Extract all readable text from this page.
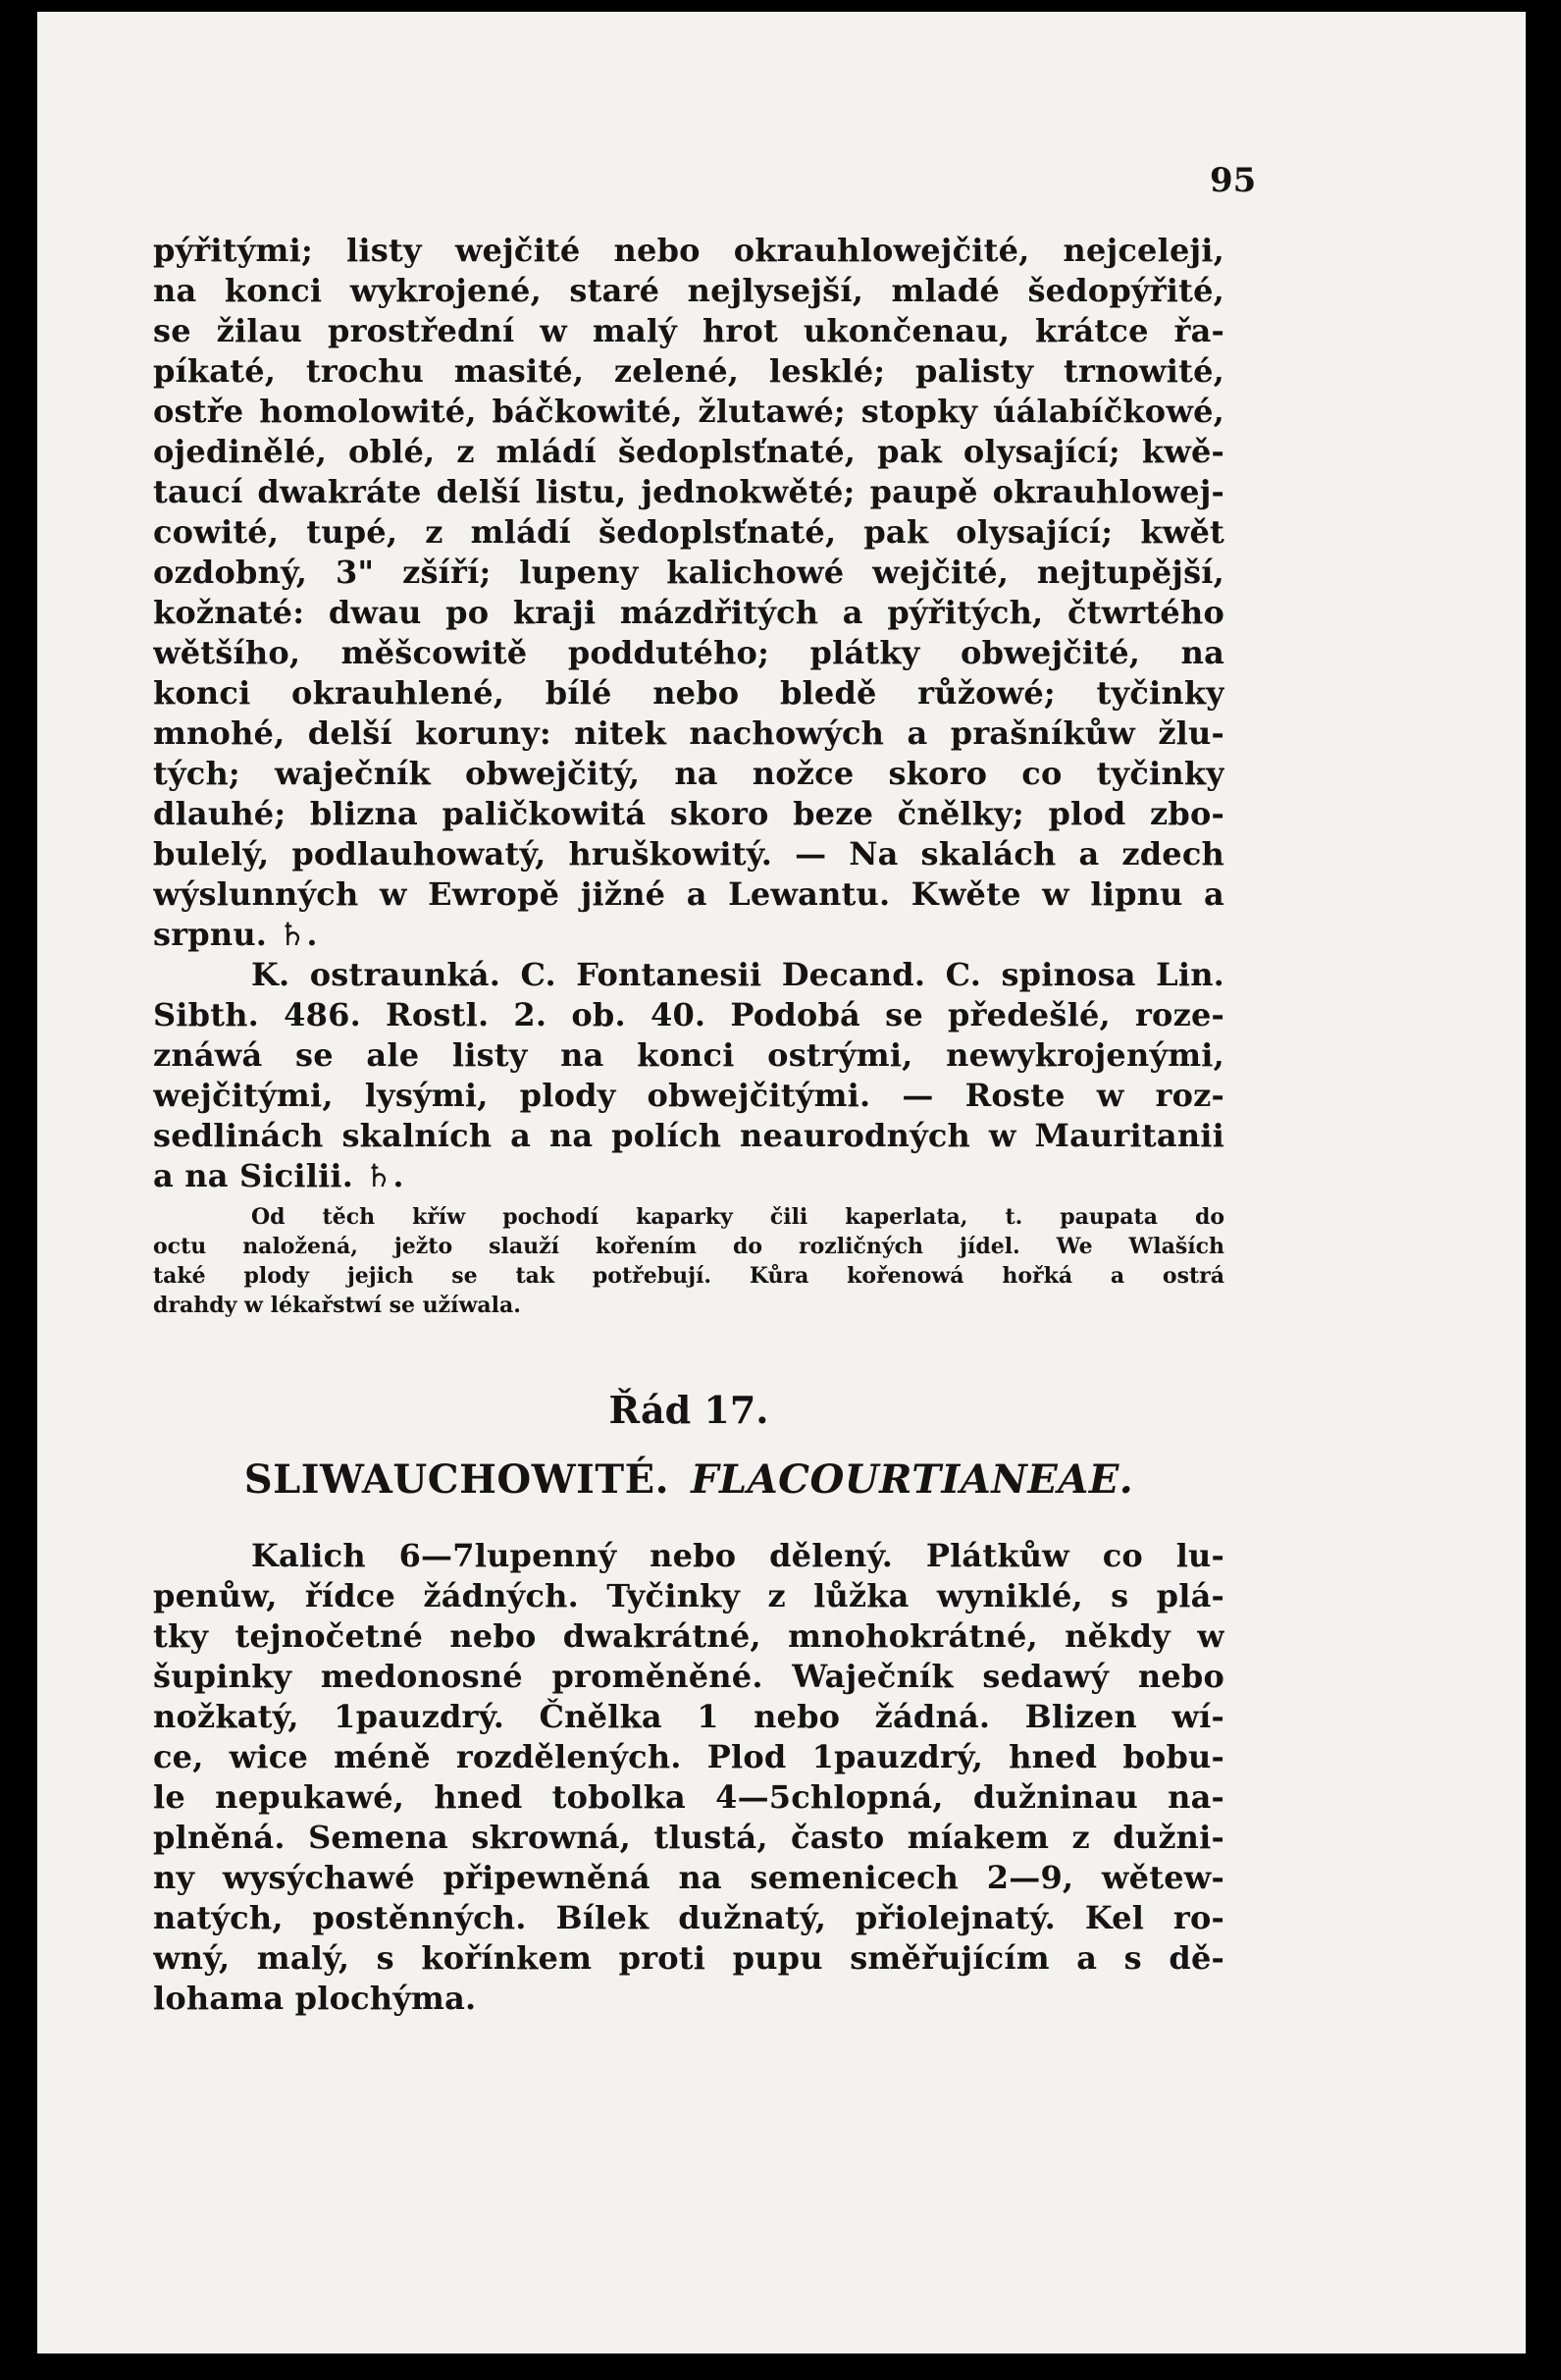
95
pýřitými; listy wejčité nebo okrauhlowejčité, nejceleji,
na konci wykrojené, staré nejlysejší, mladé šedopýřité,
se žilau prostřední w malý hrot ukončenau, krátce řa-
píkaté, trochu masité, zelené, lesklé; palisty trnowité,
ostře homolowité, báčkowité, žlutawé; stopky úálabíčkowé,
ojedinělé, oblé, z mládí šedoplsťnaté, pak olysající; kwě-
taucí dwakráte delší listu, jednokwěté; paupě okrauhlowej-
cowité, tupé, z mládí šedoplsťnaté, pak olysající; kwět
ozdobný, 3" zšíří; lupeny kalichowé wejčité, nejtupější,
kožnaté: dwau po kraji mázdřitých a pýřitých, čtwrtého
wětšího, měšcowitě poddutého; plátky obwejčité, na
konci okrauhlené, bílé nebo bledě růžowé; tyčinky
mnohé, delší koruny: nitek nachowých a prašníkůw žlu-
tých; waječník obwejčitý, na nožce skoro co tyčinky
dlauhé; blizna paličkowitá skoro beze čnělky; plod zbo-
bulelý, podlauhowatý, hruškowitý. — Na skalách a zdech
wýslunných w Ewropě jižné a Lewantu. Kwěte w lipnu a
srpnu. ♄.
K. ostraunká. C. Fontanesii Decand. C. spinosa Lin.
Sibth. 486. Rostl. 2. ob. 40. Podobá se předešlé, roze-
znáwá se ale listy na konci ostrými, newykrojenými,
wejčitými, lysými, plody obwejčitými. — Roste w roz-
sedlinách skalních a na polích neaurodných w Mauritanii
a na Sicilii. ♄.
Od těch kříw pochodí kaparky čili kaperlata, t. paupata do
octu naložená, ježto slauží kořením do rozličných jídel. We Wlaších
také plody jejich se tak potřebují. Kůra kořenowá hořká a ostrá
drahdy w lékařstwí se užíwala.
Řád 17.
SLIWAUCHOWITÉ. FLACOURTIANEAE.
Kalich 6—7lupenný nebo dělený. Plátkůw co lu-
penůw, řídce žádných. Tyčinky z lůžka wyniklé, s plá-
tky tejnočetné nebo dwakrátné, mnohokrátné, někdy w
šupinky medonosné proměněné. Waječník sedawý nebo
nožkatý, 1pauzdrý. Čnělka 1 nebo žádná. Blizen wí-
ce, wice méně rozdělených. Plod 1pauzdrý, hned bobu-
le nepukawé, hned tobolka 4—5chlopná, dužninau na-
plněná. Semena skrowná, tlustá, často míakem z dužni-
ny wysýchawé připewněná na semenicech 2—9, wětew-
natých, postěnných. Bílek dužnatý, přiolejnatý. Kel ro-
wný, malý, s kořínkem proti pupu směřujícím a s dě-
lohama plochýma.
